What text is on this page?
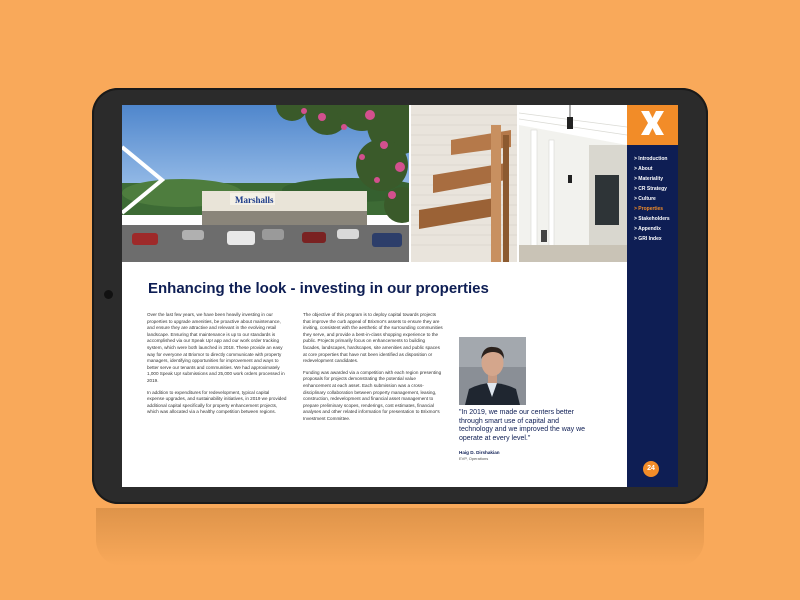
Marshalls
> Introduction
> About
> Materiality
> CR Strategy
> Culture
> Properties
> Stakeholders
> Appendix
> GRI Index
24
Enhancing the look - investing in our properties

Over the last few years, we have been heavily investing in our properties to upgrade amenities, be proactive about maintenance, and ensure they are attractive and relevant in the evolving retail landscape. Ensuring that maintenance is up to our standards is accomplished via our Speak Up! app and our work order tracking system, which were both launched in 2018. These provide an easy way for everyone at Brixmor to directly communicate with property managers, identifying opportunities for improvement and ways to better serve our tenants and communities. We had approximately 1,000 Speak Up! submissions and 25,000 work orders processed in 2019.

In addition to expenditures for redevelopment, typical capital expense upgrades, and sustainability initiatives, in 2019 we provided additional capital specifically for property enhancement projects, which was allocated via a healthy competition between regions.

The objective of this program is to deploy capital towards projects that improve the curb appeal of Brixmor's assets to ensure they are inviting, consistent with the aesthetic of the surrounding communities they serve, and provide a best-in-class shopping experience to the public. Projects primarily focus on enhancements to building facades, landscapes, hardscapes, site amenities and public spaces at core properties that have not been identified as disposition or redevelopment candidates.

Funding was awarded via a competition with each region presenting proposals for projects demonstrating the potential value enhancement at each asset. Each submission was a cross-disciplinary collaboration between property management, leasing, construction, redevelopment and financial asset management to prepare preliminary scopes, renderings, cost estimates, financial analyses and other related information for presentation to Brixmor's Investment Committee.

"In 2019, we made our centers better through smart use of capital and technology and we improved the way we operate at every level."

Haig D. Dirshakian
EVP, Operations
